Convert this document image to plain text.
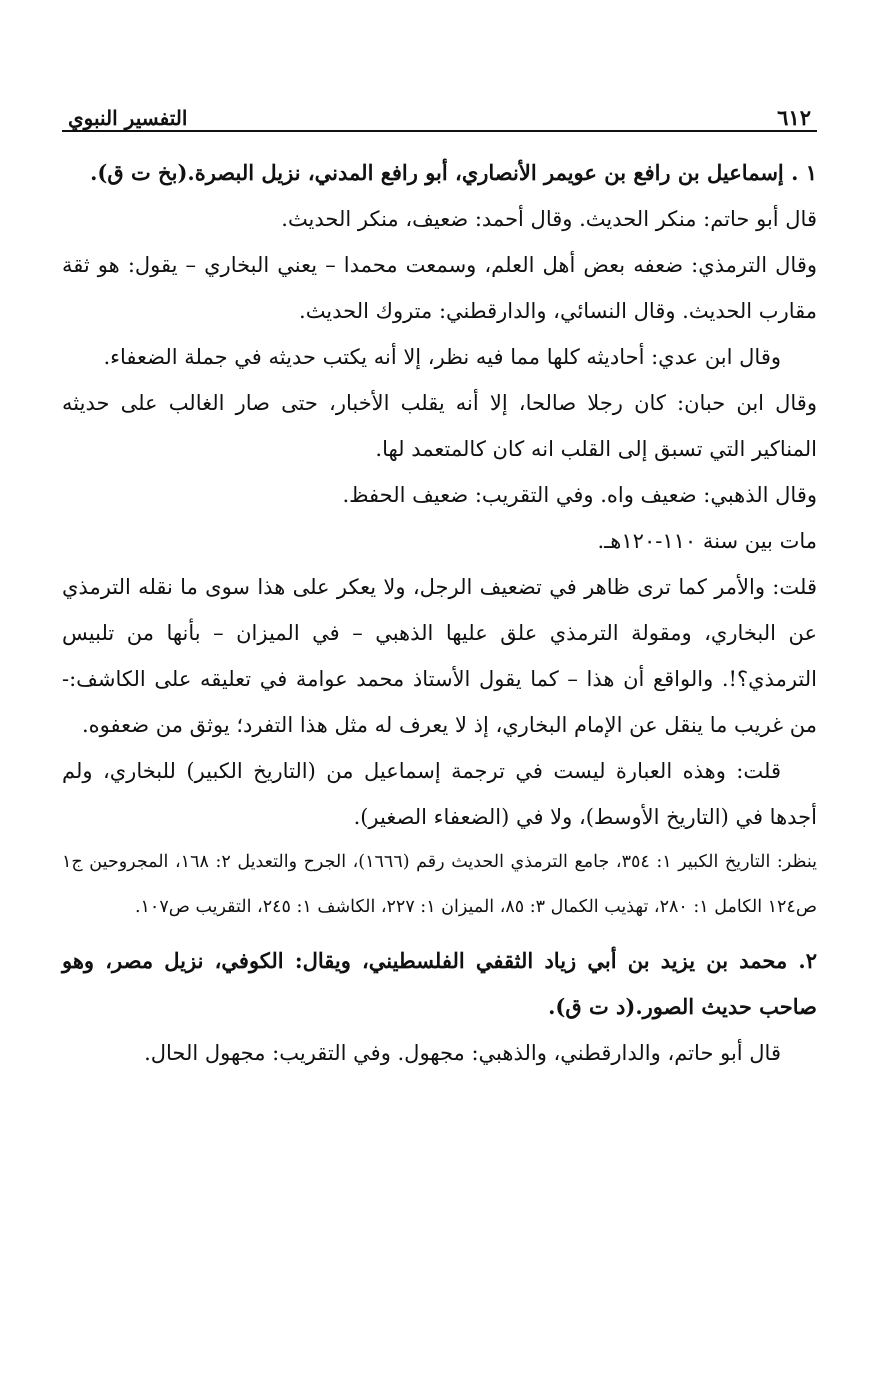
٦١٢
التفسير النبوي

١ . إسماعيل بن رافع بن عويمر الأنصاري، أبو رافع المدني، نزيل البصرة.(بخ ت ق).

قال أبو حاتم: منكر الحديث. وقال أحمد: ضعيف، منكر الحديث.

وقال الترمذي: ضعفه بعض أهل العلم، وسمعت محمدا – يعني البخاري – يقول: هو ثقة مقارب الحديث. وقال النسائي، والدارقطني: متروك الحديث.

وقال ابن عدي: أحاديثه كلها مما فيه نظر، إلا أنه يكتب حديثه في جملة الضعفاء.

وقال ابن حبان: كان رجلا صالحا، إلا أنه يقلب الأخبار، حتى صار الغالب على حديثه المناكير التي تسبق إلى القلب انه كان كالمتعمد لها.

وقال الذهبي: ضعيف واه. وفي التقريب: ضعيف الحفظ.

مات بين سنة ١١٠-١٢٠هـ.

قلت: والأمر كما ترى ظاهر في تضعيف الرجل، ولا يعكر على هذا سوى ما نقله الترمذي عن البخاري، ومقولة الترمذي علق عليها الذهبي – في الميزان – بأنها من تلبيس الترمذي؟!. والواقع أن هذا – كما يقول الأستاذ محمد عوامة في تعليقه على الكاشف:- من غريب ما ينقل عن الإمام البخاري، إذ لا يعرف له مثل هذا التفرد؛ يوثق من ضعفوه.

قلت: وهذه العبارة ليست في ترجمة إسماعيل من (التاريخ الكبير) للبخاري، ولم أجدها في (التاريخ الأوسط)، ولا في (الضعفاء الصغير).

ينظر: التاريخ الكبير ١: ٣٥٤، جامع الترمذي الحديث رقم (١٦٦٦)، الجرح والتعديل ٢: ١٦٨، المجروحين ج١ ص١٢٤ الكامل ١: ٢٨٠، تهذيب الكمال ٣: ٨٥، الميزان ١: ٢٢٧، الكاشف ١: ٢٤٥، التقريب ص١٠٧.

٢. محمد بن يزيد بن أبي زياد الثقفي الفلسطيني، ويقال: الكوفي، نزيل مصر، وهو صاحب حديث الصور.(د ت ق).

قال أبو حاتم، والدارقطني، والذهبي: مجهول. وفي التقريب: مجهول الحال.
